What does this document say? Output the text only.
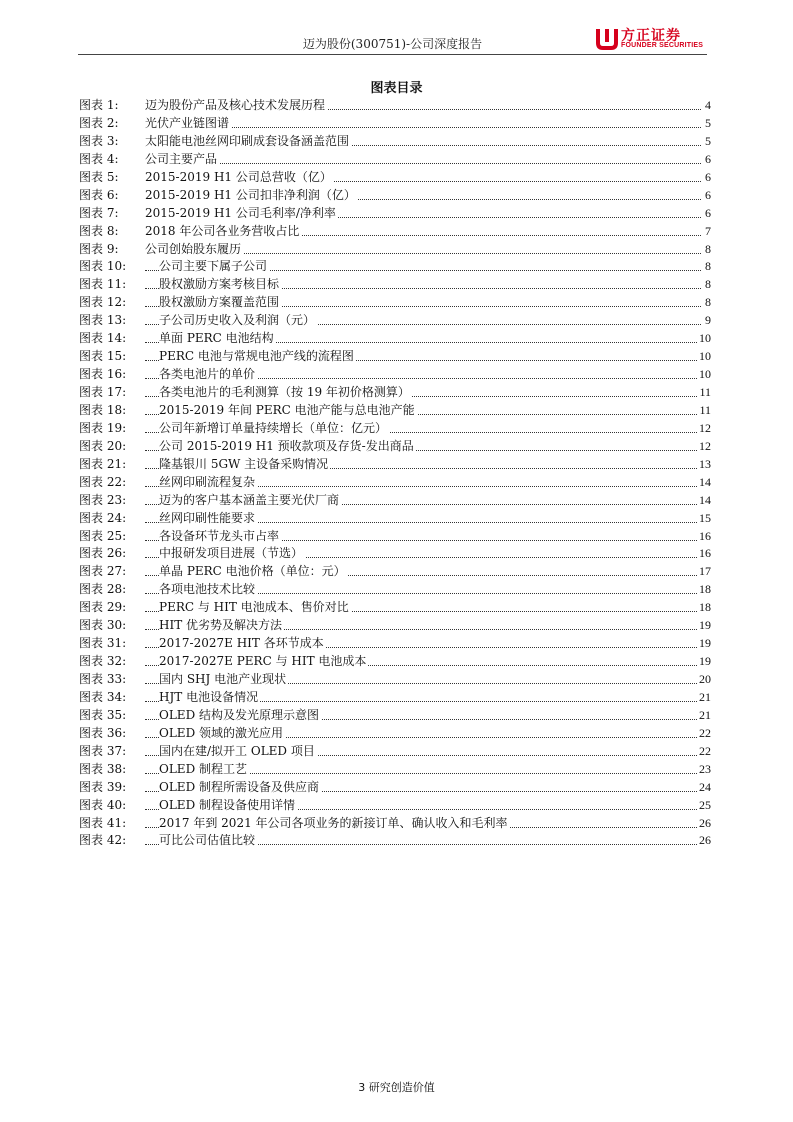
迈为股份(300751)-公司深度报告	方正证券
FOUNDER SECURITIES
图表目录
图表 1: 迈为股份产品及核心技术发展历程	4
图表 2: 光伏产业链图谱	5
图表 3: 太阳能电池丝网印刷成套设备涵盖范围	5
图表 4: 公司主要产品	6
图表 5: 2015-2019 H1 公司总营收（亿）	6
图表 6: 2015-2019 H1 公司扣非净利润（亿）	6
图表 7: 2015-2019 H1 公司毛利率/净利率	6
图表 8: 2018 年公司各业务营收占比	7
图表 9: 公司创始股东履历	8
图表 10:	公司主要下属子公司	8
图表 11:	股权激励方案考核目标	8
图表 12:	股权激励方案覆盖范围	8
图表 13:	子公司历史收入及利润（元）	9
图表 14:	单面 PERC 电池结构	10
图表 15:	PERC 电池与常规电池产线的流程图	10
图表 16:	各类电池片的单价	10
图表 17:	各类电池片的毛利测算（按 19 年初价格测算）	11
图表 18:	2015-2019 年间 PERC 电池产能与总电池产能	11
图表 19:	公司年新增订单量持续增长（单位：亿元）	12
图表 20:	公司 2015-2019 H1 预收款项及存货-发出商品	12
图表 21:	隆基银川 5GW 主设备采购情况	13
图表 22:	丝网印刷流程复杂	14
图表 23:	迈为的客户基本涵盖主要光伏厂商	14
图表 24:	丝网印刷性能要求	15
图表 25:	各设备环节龙头市占率	16
图表 26:	中报研发项目进展（节选）	16
图表 27:	单晶 PERC 电池价格（单位：元）	17
图表 28:	各项电池技术比较	18
图表 29:	PERC 与 HIT 电池成本、售价对比	18
图表 30:	HIT 优劣势及解决方法	19
图表 31:	2017-2027E HIT 各环节成本	19
图表 32:	2017-2027E PERC 与 HIT 电池成本	19
图表 33:	国内 SHJ 电池产业现状	20
图表 34:	HJT 电池设备情况	21
图表 35:	OLED 结构及发光原理示意图	21
图表 36:	OLED 领域的激光应用	22
图表 37:	国内在建/拟开工 OLED 项目	22
图表 38:	OLED 制程工艺	23
图表 39:	OLED 制程所需设备及供应商	24
图表 40:	OLED 制程设备使用详情	25
图表 41:	2017 年到 2021 年公司各项业务的新接订单、确认收入和毛利率	26
图表 42:	可比公司估值比较	26
3 研究创造价值
